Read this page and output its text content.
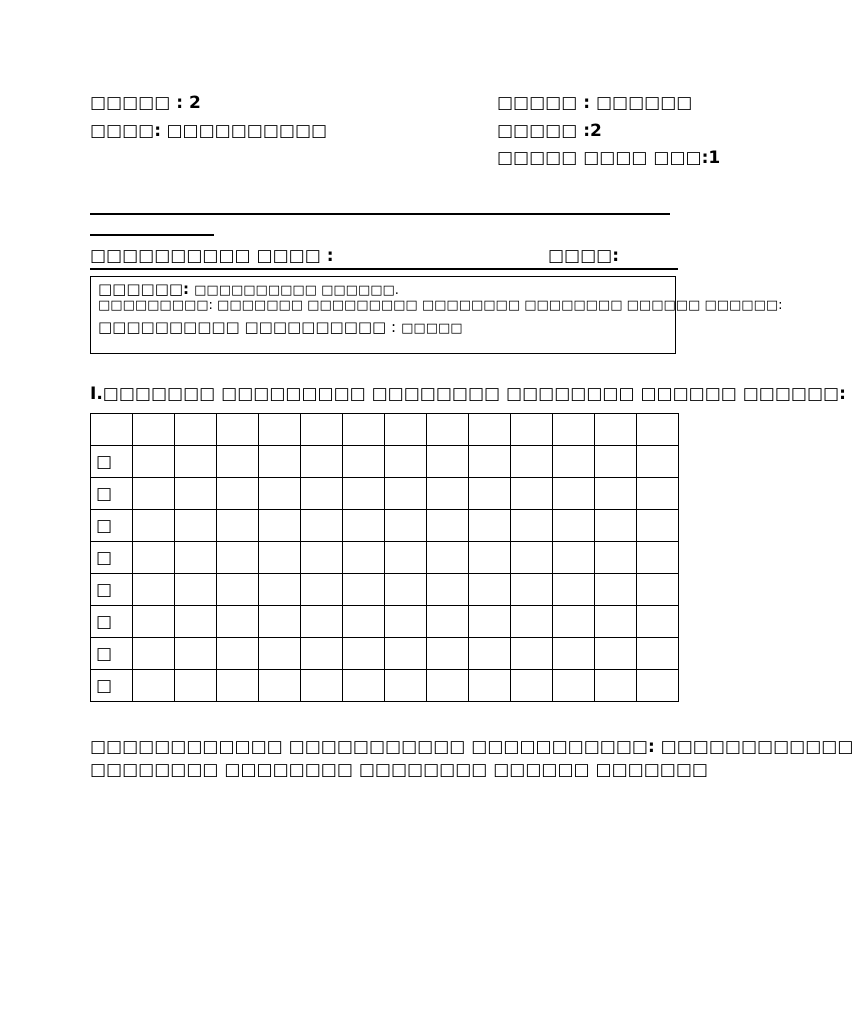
□□□□□ : 2
□□□□: □□□□□□□□□□
□□□□□ : □□□□□□
□□□□□ :2
□□□□□ □□□□ □□□:1
□□□□□□□□□□ □□□□ :	□□□□:
□□□□□□: □□□□□□□□□□ □□□□□□.
□□□□□□□□□: □□□□□□□ □□□□□□□□□ □□□□□□□□ □□□□□□□□ □□□□□□ □□□□□□:
□□□□□□□□□□ □□□□□□□□□□ : □□□□□
I.□□□□□□□ □□□□□□□□□ □□□□□□□□ □□□□□□□□ □□□□□□ □□□□□□:

□													
□													
□													
□													
□													
□													
□													
□													
□□□□□□□□□□□□ □□□□□□□□□□□ □□□□□□□□□□□: □□□□□□□□□□□□
□□□□□□□□ □□□□□□□□ □□□□□□□□ □□□□□□ □□□□□□□
